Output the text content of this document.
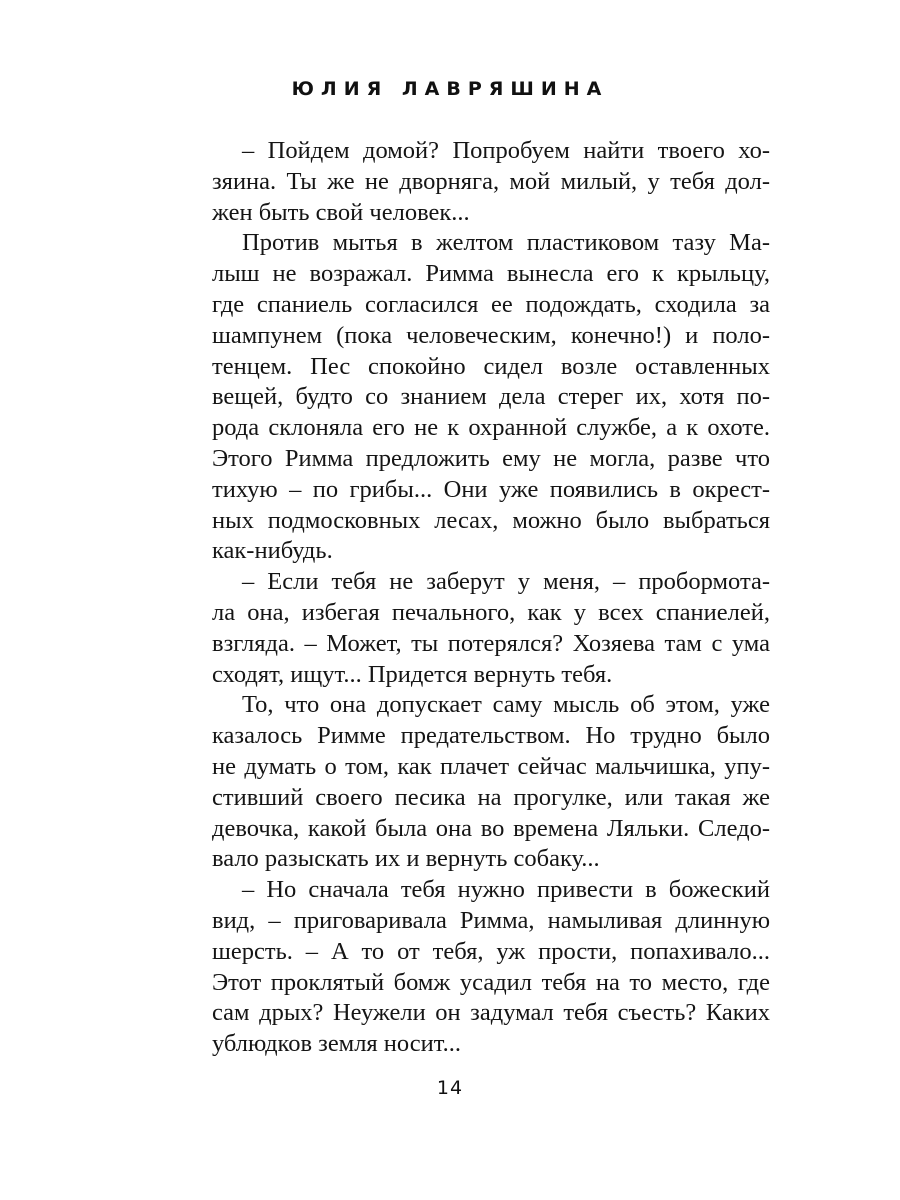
ЮЛИЯ ЛАВРЯШИНА
– Пойдем домой? Попробуем найти твоего хо-
зяина. Ты же не дворняга, мой милый, у тебя дол-
жен быть свой человек...
Против мытья в желтом пластиковом тазу Ма-
лыш не возражал. Римма вынесла его к крыльцу,
где спаниель согласился ее подождать, сходила за
шампунем (пока человеческим, конечно!) и поло-
тенцем. Пес спокойно сидел возле оставленных
вещей, будто со знанием дела стерег их, хотя по-
рода склоняла его не к охранной службе, а к охоте.
Этого Римма предложить ему не могла, разве что
тихую – по грибы... Они уже появились в окрест-
ных подмосковных лесах, можно было выбраться
как-нибудь.
– Если тебя не заберут у меня, – пробормота-
ла она, избегая печального, как у всех спаниелей,
взгляда. – Может, ты потерялся? Хозяева там с ума
сходят, ищут... Придется вернуть тебя.
То, что она допускает саму мысль об этом, уже
казалось Римме предательством. Но трудно было
не думать о том, как плачет сейчас мальчишка, упу-
стивший своего песика на прогулке, или такая же
девочка, какой была она во времена Ляльки. Следо-
вало разыскать их и вернуть собаку...
– Но сначала тебя нужно привести в божеский
вид, – приговаривала Римма, намыливая длинную
шерсть. – А то от тебя, уж прости, попахивало...
Этот проклятый бомж усадил тебя на то место, где
сам дрых? Неужели он задумал тебя съесть? Каких
ублюдков земля носит...
14
